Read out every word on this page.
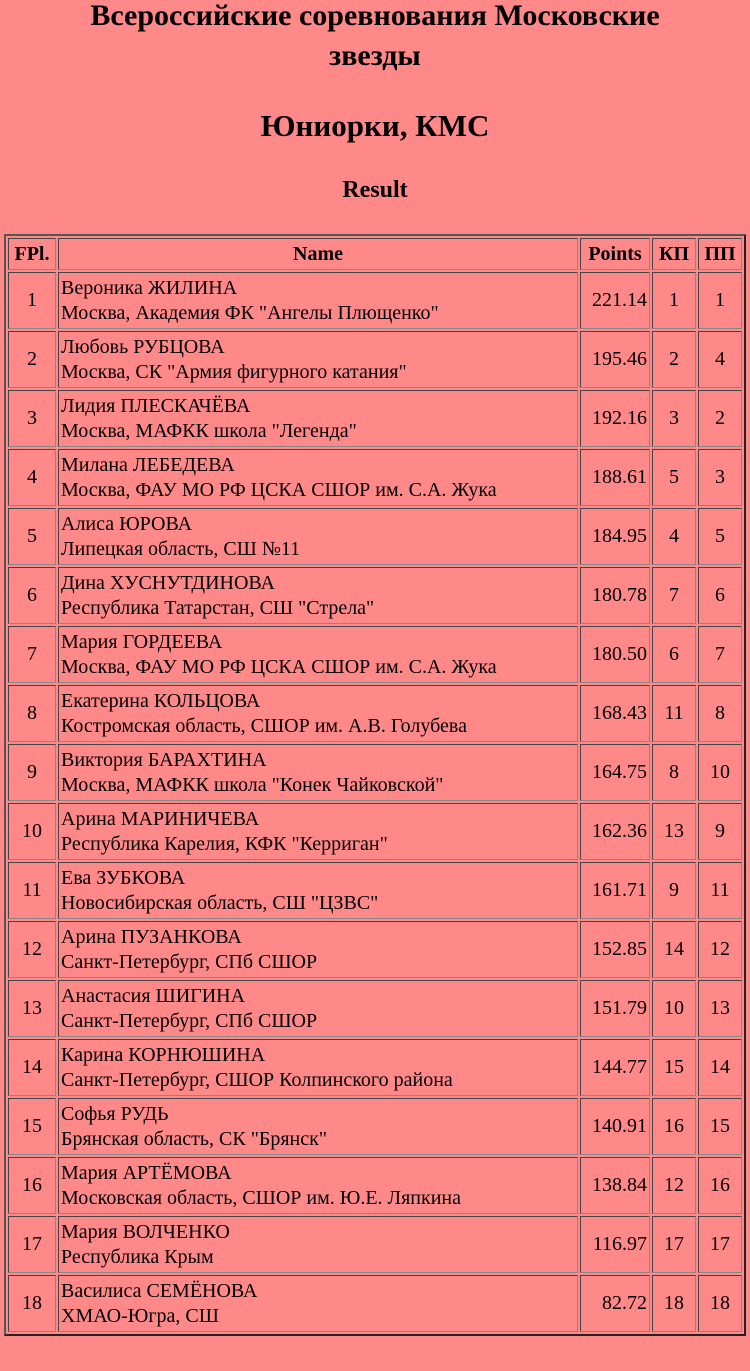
Всероссийские соревнования Московские
звезды
Юниорки, КМС
Result
FPl.	Name	Points	КП	ПП
1	Вероника ЖИЛИНА
Москва, Академия ФК "Ангелы Плющенко"	221.14	1	1
2	Любовь РУБЦОВА
Москва, СК "Армия фигурного катания"	195.46	2	4
3	Лидия ПЛЕСКАЧЁВА
Москва, МАФКК школа "Легенда"	192.16	3	2
4	Милана ЛЕБЕДЕВА
Москва, ФАУ МО РФ ЦСКА СШОР им. С.А. Жука	188.61	5	3
5	Алиса ЮРОВА
Липецкая область, СШ №11	184.95	4	5
6	Дина ХУСНУТДИНОВА
Республика Татарстан, СШ "Стрела"	180.78	7	6
7	Мария ГОРДЕЕВА
Москва, ФАУ МО РФ ЦСКА СШОР им. С.А. Жука	180.50	6	7
8	Екатерина КОЛЬЦОВА
Костромская область, СШОР им. А.В. Голубева	168.43	11	8
9	Виктория БАРАХТИНА
Москва, МАФКК школа "Конек Чайковской"	164.75	8	10
10	Арина МАРИНИЧЕВА
Республика Карелия, КФК "Керриган"	162.36	13	9
11	Ева ЗУБКОВА
Новосибирская область, СШ "ЦЗВС"	161.71	9	11
12	Арина ПУЗАНКОВА
Санкт-Петербург, СПб СШОР	152.85	14	12
13	Анастасия ШИГИНА
Санкт-Петербург, СПб СШОР	151.79	10	13
14	Карина КОРНЮШИНА
Санкт-Петербург, СШОР Колпинского района	144.77	15	14
15	Софья РУДЬ
Брянская область, СК "Брянск"	140.91	16	15
16	Мария АРТЁМОВА
Московская область, СШОР им. Ю.Е. Ляпкина	138.84	12	16
17	Мария ВОЛЧЕНКО
Республика Крым	116.97	17	17
18	Василиса СЕМЁНОВА
ХМАО-Югра, СШ	82.72	18	18
